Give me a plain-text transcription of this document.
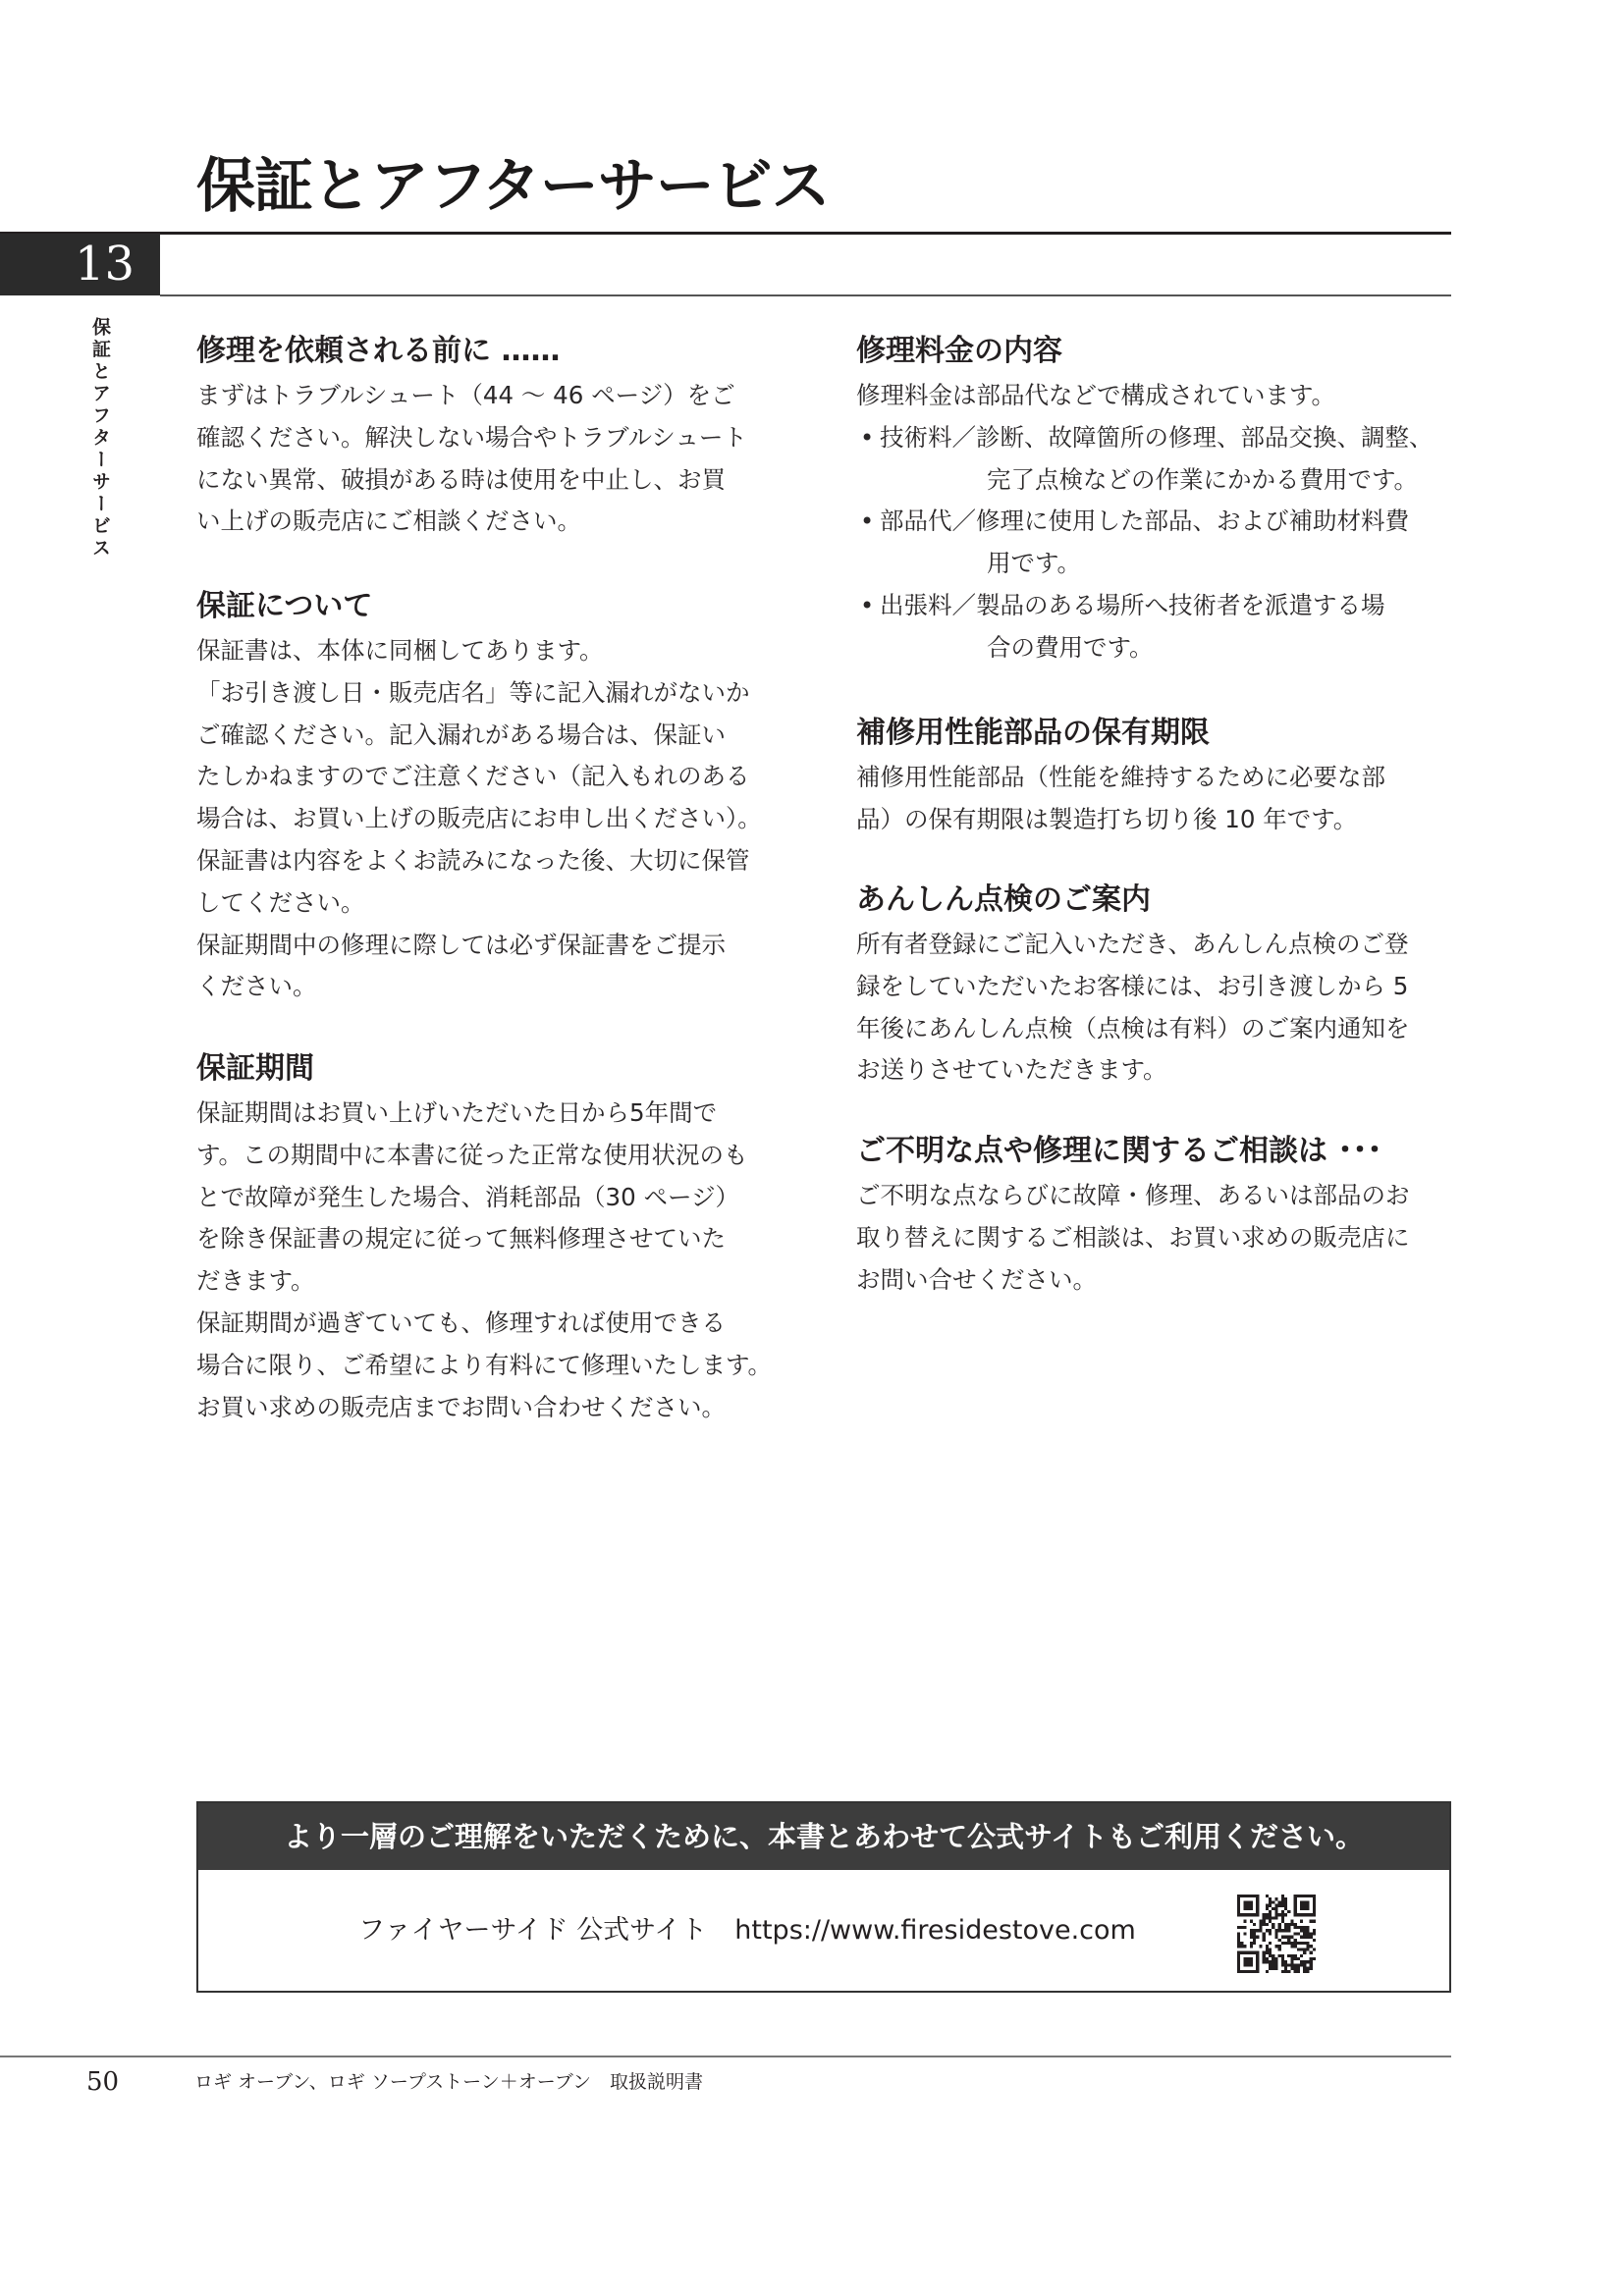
保証とアフターサービス
13
保証とアフターサービス	修理を依頼される前に ……
まずはトラブルシュート（44 ～ 46 ページ）をご
確認ください。解決しない場合やトラブルシュート
にない異常、破損がある時は使用を中止し、お買
い上げの販売店にご相談ください。
保証について
保証書は、本体に同梱してあります。
「お引き渡し日・販売店名」等に記入漏れがないか
ご確認ください。記入漏れがある場合は、保証い
たしかねますのでご注意ください（記入もれのある
場合は、お買い上げの販売店にお申し出ください）。
保証書は内容をよくお読みになった後、大切に保管
してください。
保証期間中の修理に際しては必ず保証書をご提示
ください。
保証期間
保証期間はお買い上げいただいた日から5年間で
す。この期間中に本書に従った正常な使用状況のも
とで故障が発生した場合、消耗部品（30 ページ）
を除き保証書の規定に従って無料修理させていた
だきます。
保証期間が過ぎていても、修理すれば使用できる
場合に限り、ご希望により有料にて修理いたします。
お買い求めの販売店までお問い合わせください。
修理料金の内容
修理料金は部品代などで構成されています。
• 技術料／診断、故障箇所の修理、部品交換、調整、
完了点検などの作業にかかる費用です。
• 部品代／修理に使用した部品、および補助材料費
用です。
• 出張料／製品のある場所へ技術者を派遣する場
合の費用です。
補修用性能部品の保有期限
補修用性能部品（性能を維持するために必要な部
品）の保有期限は製造打ち切り後 10 年です。
あんしん点検のご案内
所有者登録にご記入いただき、あんしん点検のご登
録をしていただいたお客様には、お引き渡しから 5
年後にあんしん点検（点検は有料）のご案内通知を
お送りさせていただきます。
ご不明な点や修理に関するご相談は ･･･
ご不明な点ならびに故障・修理、あるいは部品のお
取り替えに関するご相談は、お買い求めの販売店に
お問い合せください。
より一層のご理解をいただくために、本書とあわせて公式サイトもご利用ください。
ファイヤーサイド 公式サイト https://www.firesidestove.com
50	ロギ オーブン、ロギ ソープストーン＋オーブン　取扱説明書
